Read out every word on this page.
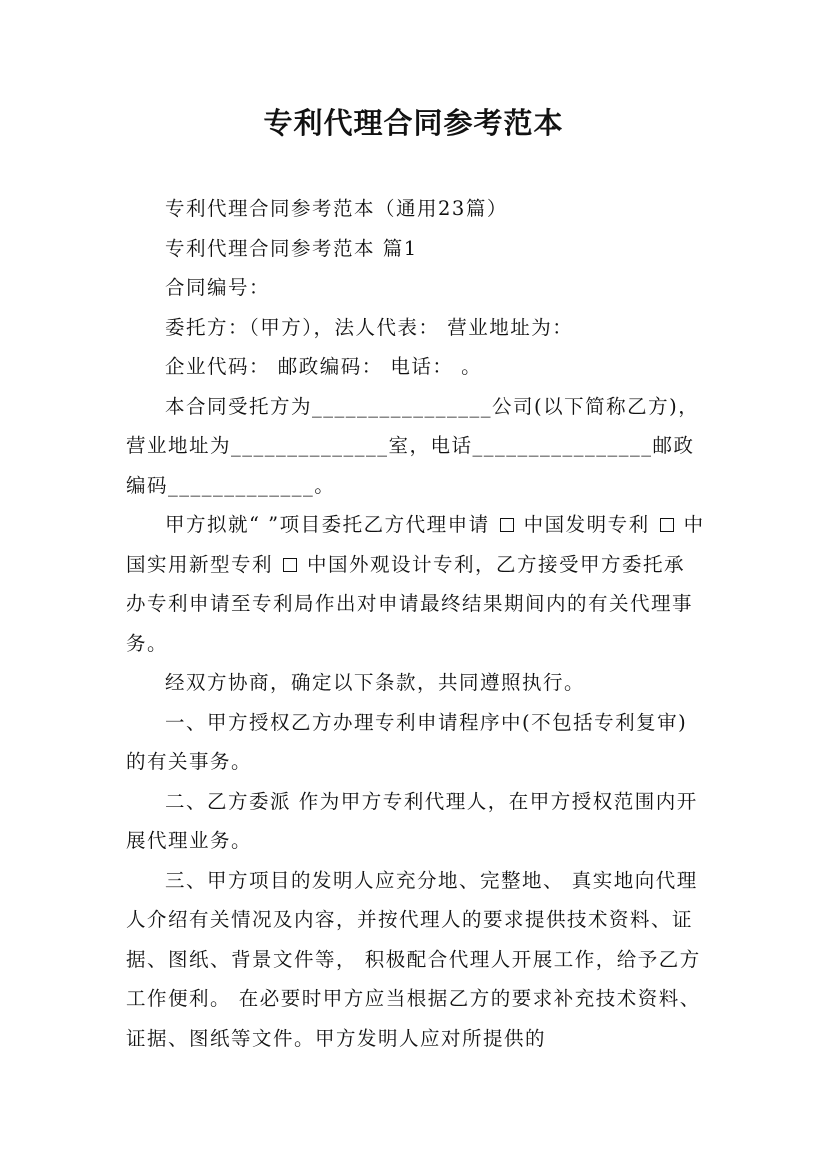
专利代理合同参考范本

专利代理合同参考范本（通用23篇）

专利代理合同参考范本 篇1

合同编号：

委托方：（甲方），法人代表： 营业地址为：

企业代码： 邮政编码： 电话： 。

本合同受托方为________________公司(以下简称乙方)，营业地址为______________室，电话________________邮政编码_____________。

甲方拟就“ ”项目委托乙方代理申请 中国发明专利 中国实用新型专利 中国外观设计专利，乙方接受甲方委托承办专利申请至专利局作出对申请最终结果期间内的有关代理事务。

经双方协商，确定以下条款，共同遵照执行。

一、甲方授权乙方办理专利申请程序中(不包括专利复审)的有关事务。

二、乙方委派 作为甲方专利代理人，在甲方授权范围内开展代理业务。

三、甲方项目的发明人应充分地、完整地、 真实地向代理人介绍有关情况及内容，并按代理人的要求提供技术资料、证据、图纸、背景文件等， 积极配合代理人开展工作，给予乙方工作便利。 在必要时甲方应当根据乙方的要求补充技术资料、证据、图纸等文件。甲方发明人应对所提供的
